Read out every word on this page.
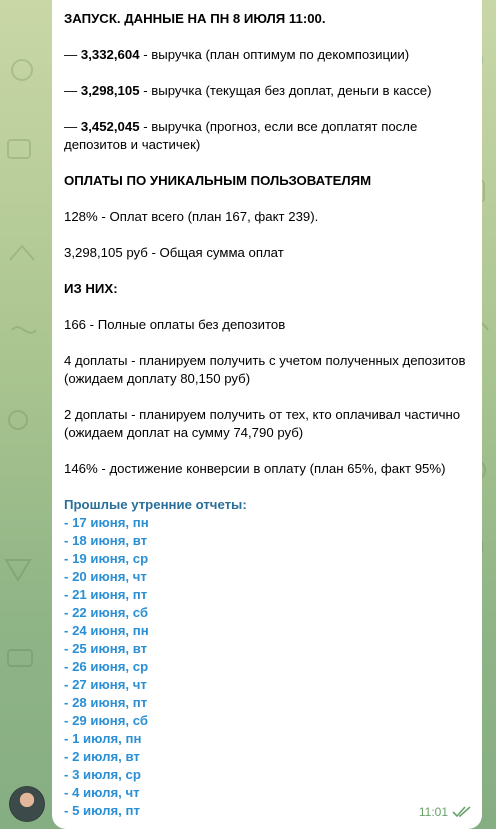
ЗАПУСК. ДАННЫЕ НА ПН 8 ИЮЛЯ 11:00.

— 3,332,604 - выручка (план оптимум по декомпозиции)

— 3,298,105 - выручка (текущая без доплат, деньги в кассе)

— 3,452,045 - выручка (прогноз, если все доплатят после депозитов и частичек)

ОПЛАТЫ ПО УНИКАЛЬНЫМ ПОЛЬЗОВАТЕЛЯМ

128% - Оплат всего (план 167, факт 239).

3,298,105 руб - Общая сумма оплат

ИЗ НИХ:

166 - Полные оплаты без депозитов

4 доплаты - планируем получить с учетом полученных депозитов (ожидаем доплату 80,150 руб)

2 доплаты - планируем получить от тех, кто оплачивал частично (ожидаем доплат на сумму 74,790 руб)

146% - достижение конверсии в оплату (план 65%, факт 95%)

Прошлые утренние отчеты:

- 17 июня, пн
- 18 июня, вт
- 19 июня, ср
- 20 июня, чт
- 21 июня, пт
- 22 июня, сб
- 24 июня, пн
- 25 июня, вт
- 26 июня, ср
- 27 июня, чт
- 28 июня, пт
- 29 июня, сб
- 1 июля, пн
- 2 июля, вт
- 3 июля, ср
- 4 июля, чт
- 5 июля, пт	11:01
